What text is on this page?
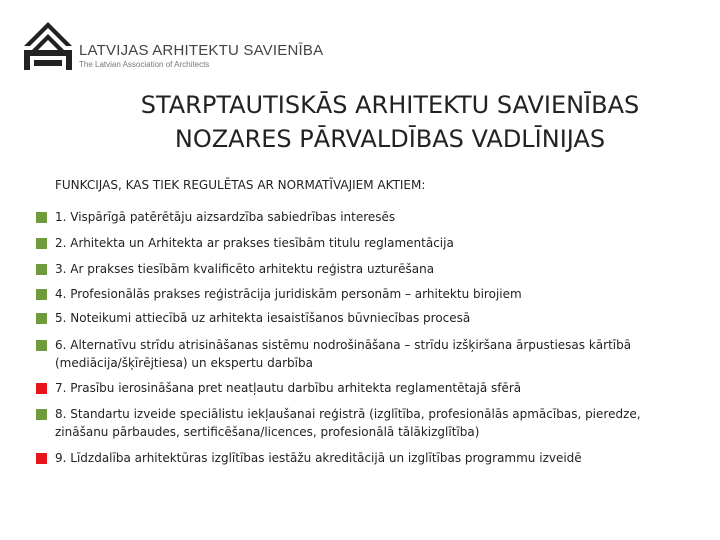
LATVIJAS ARHITEKTU SAVIENĪBA
The Latvian Association of Architects
STARPTAUTISKĀS ARHITEKTU SAVIENĪBAS
NOZARES PĀRVALDĪBAS VADLĪNIJAS
FUNKCIJAS, KAS TIEK REGULĒTAS AR NORMATĪVAJIEM AKTIEM:
1. Vispārīgā patērētāju aizsardzība sabiedrības interesēs
2. Arhitekta un Arhitekta ar prakses tiesībām titulu reglamentācija
3. Ar prakses tiesībām kvalificēto arhitektu reģistra uzturēšana
4. Profesionālās prakses reģistrācija juridiskām personām – arhitektu birojiem
5. Noteikumi attiecībā uz arhitekta iesaistīšanos būvniecības procesā
6. Alternatīvu strīdu atrisināšanas sistēmu nodrošināšana – strīdu izšķiršana ārpustiesas kārtībā (mediācija/šķīrējtiesa) un ekspertu darbība
7. Prasību ierosināšana pret neatļautu darbību arhitekta reglamentētajā sfērā
8. Standartu izveide speciālistu iekļaušanai reģistrā (izglītība, profesionālās apmācības, pieredze, zināšanu pārbaudes, sertificēšana/licences, profesionālā tālākizglītība)
9. Līdzdalība arhitektūras izglītības iestāžu akreditācijā un izglītības programmu izveidē
